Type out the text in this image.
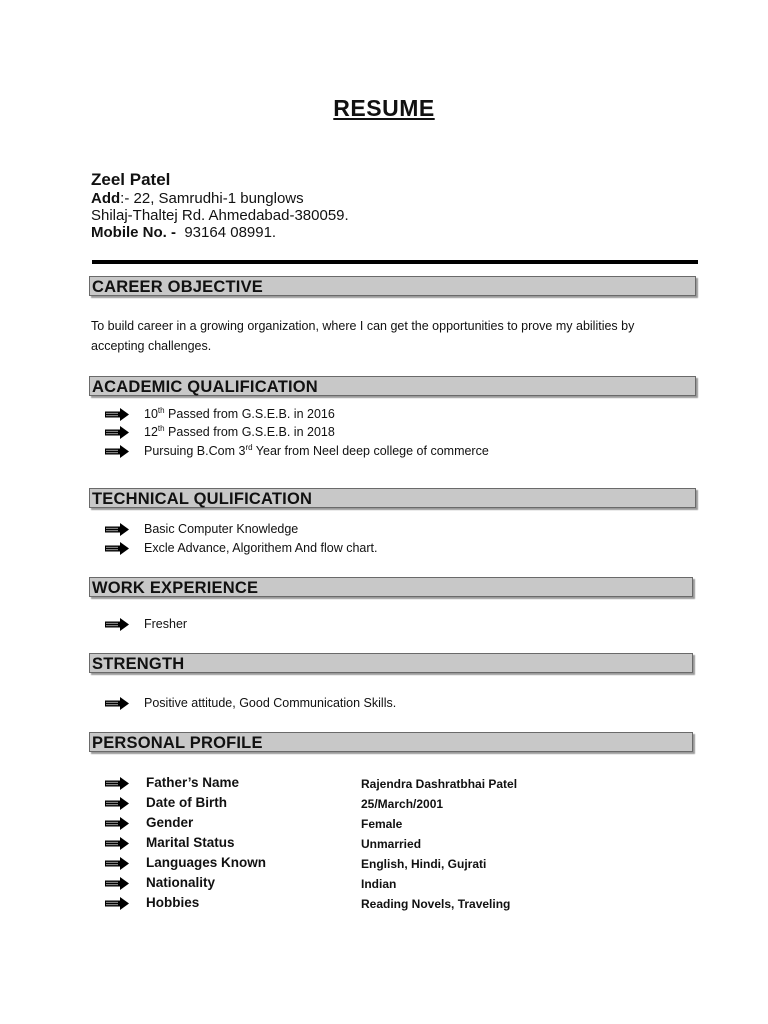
RESUME
Zeel Patel
Add:- 22, Samrudhi-1 bunglows
Shilaj-Thaltej Rd. Ahmedabad-380059.
Mobile No. - 93164 08991.
CAREER OBJECTIVE
To build career in a growing organization, where I can get the opportunities to prove my abilities by accepting challenges.
ACADEMIC QUALIFICATION
10th Passed from G.S.E.B. in 2016
12th Passed from G.S.E.B. in 2018
Pursuing B.Com 3rd Year from Neel deep college of commerce
TECHNICAL QULIFICATION
Basic Computer Knowledge
Excle Advance, Algorithem And flow chart.
WORK EXPERIENCE
Fresher
STRENGTH
Positive attitude, Good Communication Skills.
PERSONAL PROFILE
Father’s Name	Rajendra Dashratbhai Patel
Date of Birth	25/March/2001
Gender	Female
Marital Status	Unmarried
Languages Known	English, Hindi, Gujrati
Nationality	Indian
Hobbies	Reading Novels, Traveling
